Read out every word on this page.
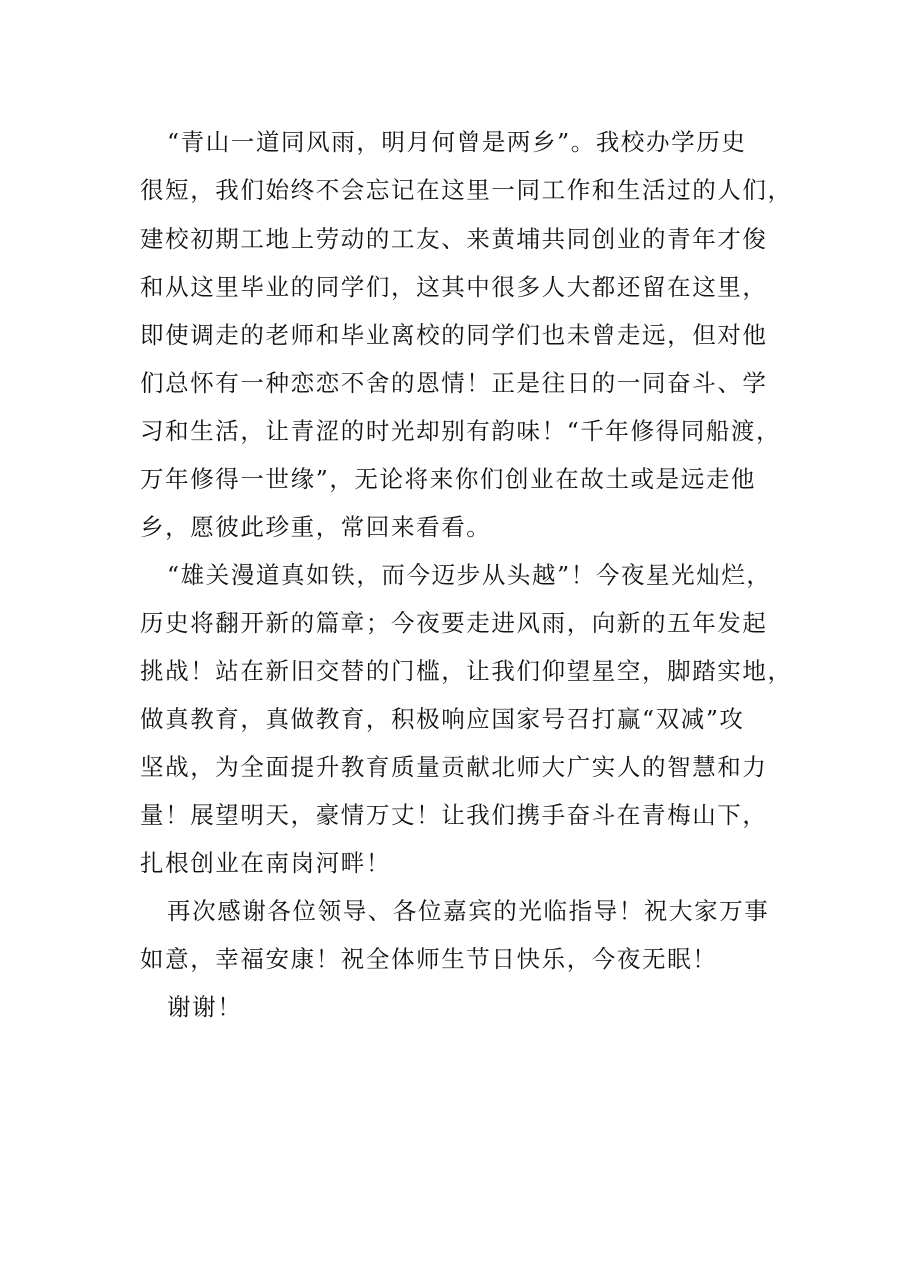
“青山一道同风雨，明月何曾是两乡”。我校办学历史
很短，我们始终不会忘记在这里一同工作和生活过的人们，
建校初期工地上劳动的工友、来黄埔共同创业的青年才俊
和从这里毕业的同学们，这其中很多人大都还留在这里，
即使调走的老师和毕业离校的同学们也未曾走远，但对他
们总怀有一种恋恋不舍的恩情！正是往日的一同奋斗、学
习和生活，让青涩的时光却别有韵味！“千年修得同船渡，
万年修得一世缘”，无论将来你们创业在故土或是远走他
乡，愿彼此珍重，常回来看看。
“雄关漫道真如铁，而今迈步从头越”！今夜星光灿烂，
历史将翻开新的篇章；今夜要走进风雨，向新的五年发起
挑战！站在新旧交替的门槛，让我们仰望星空，脚踏实地，
做真教育，真做教育，积极响应国家号召打赢“双减”攻
坚战，为全面提升教育质量贡献北师大广实人的智慧和力
量！展望明天，豪情万丈！让我们携手奋斗在青梅山下，
扎根创业在南岗河畔！
再次感谢各位领导、各位嘉宾的光临指导！祝大家万事
如意，幸福安康！祝全体师生节日快乐，今夜无眠！
谢谢！
